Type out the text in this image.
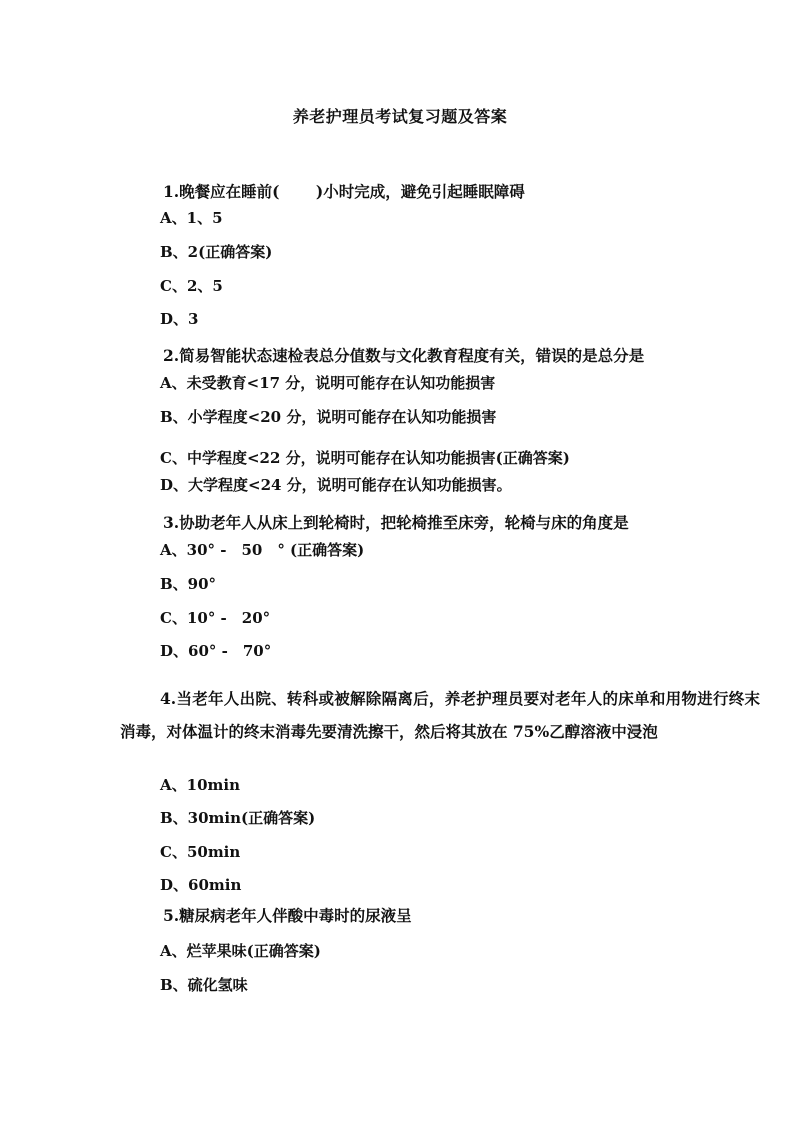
养老护理员考试复习题及答案
1.晚餐应在睡前(　　 )小时完成，避免引起睡眠障碍
A、1、5
B、2(正确答案)
C、2、5
D、3
2.简易智能状态速检表总分值数与文化教育程度有关，错误的是总分是
A、未受教育<17 分，说明可能存在认知功能损害
B、小学程度<20 分，说明可能存在认知功能损害
C、中学程度<22 分，说明可能存在认知功能损害(正确答案)
D、大学程度<24 分，说明可能存在认知功能损害。
3.协助老年人从床上到轮椅时，把轮椅推至床旁，轮椅与床的角度是
A、30° -　50　° (正确答案)
B、90°
C、10° -　20°
D、60° -　70°
4.当老年人出院、转科或被解除隔离后，养老护理员要对老年人的床单和用物进行终末消毒，对体温计的终末消毒先要清洗擦干，然后将其放在 75%乙醇溶液中浸泡
A、10min
B、30min(正确答案)
C、50min
D、60min
5.糖尿病老年人伴酸中毒时的尿液呈
A、烂苹果味(正确答案)
B、硫化氢味
